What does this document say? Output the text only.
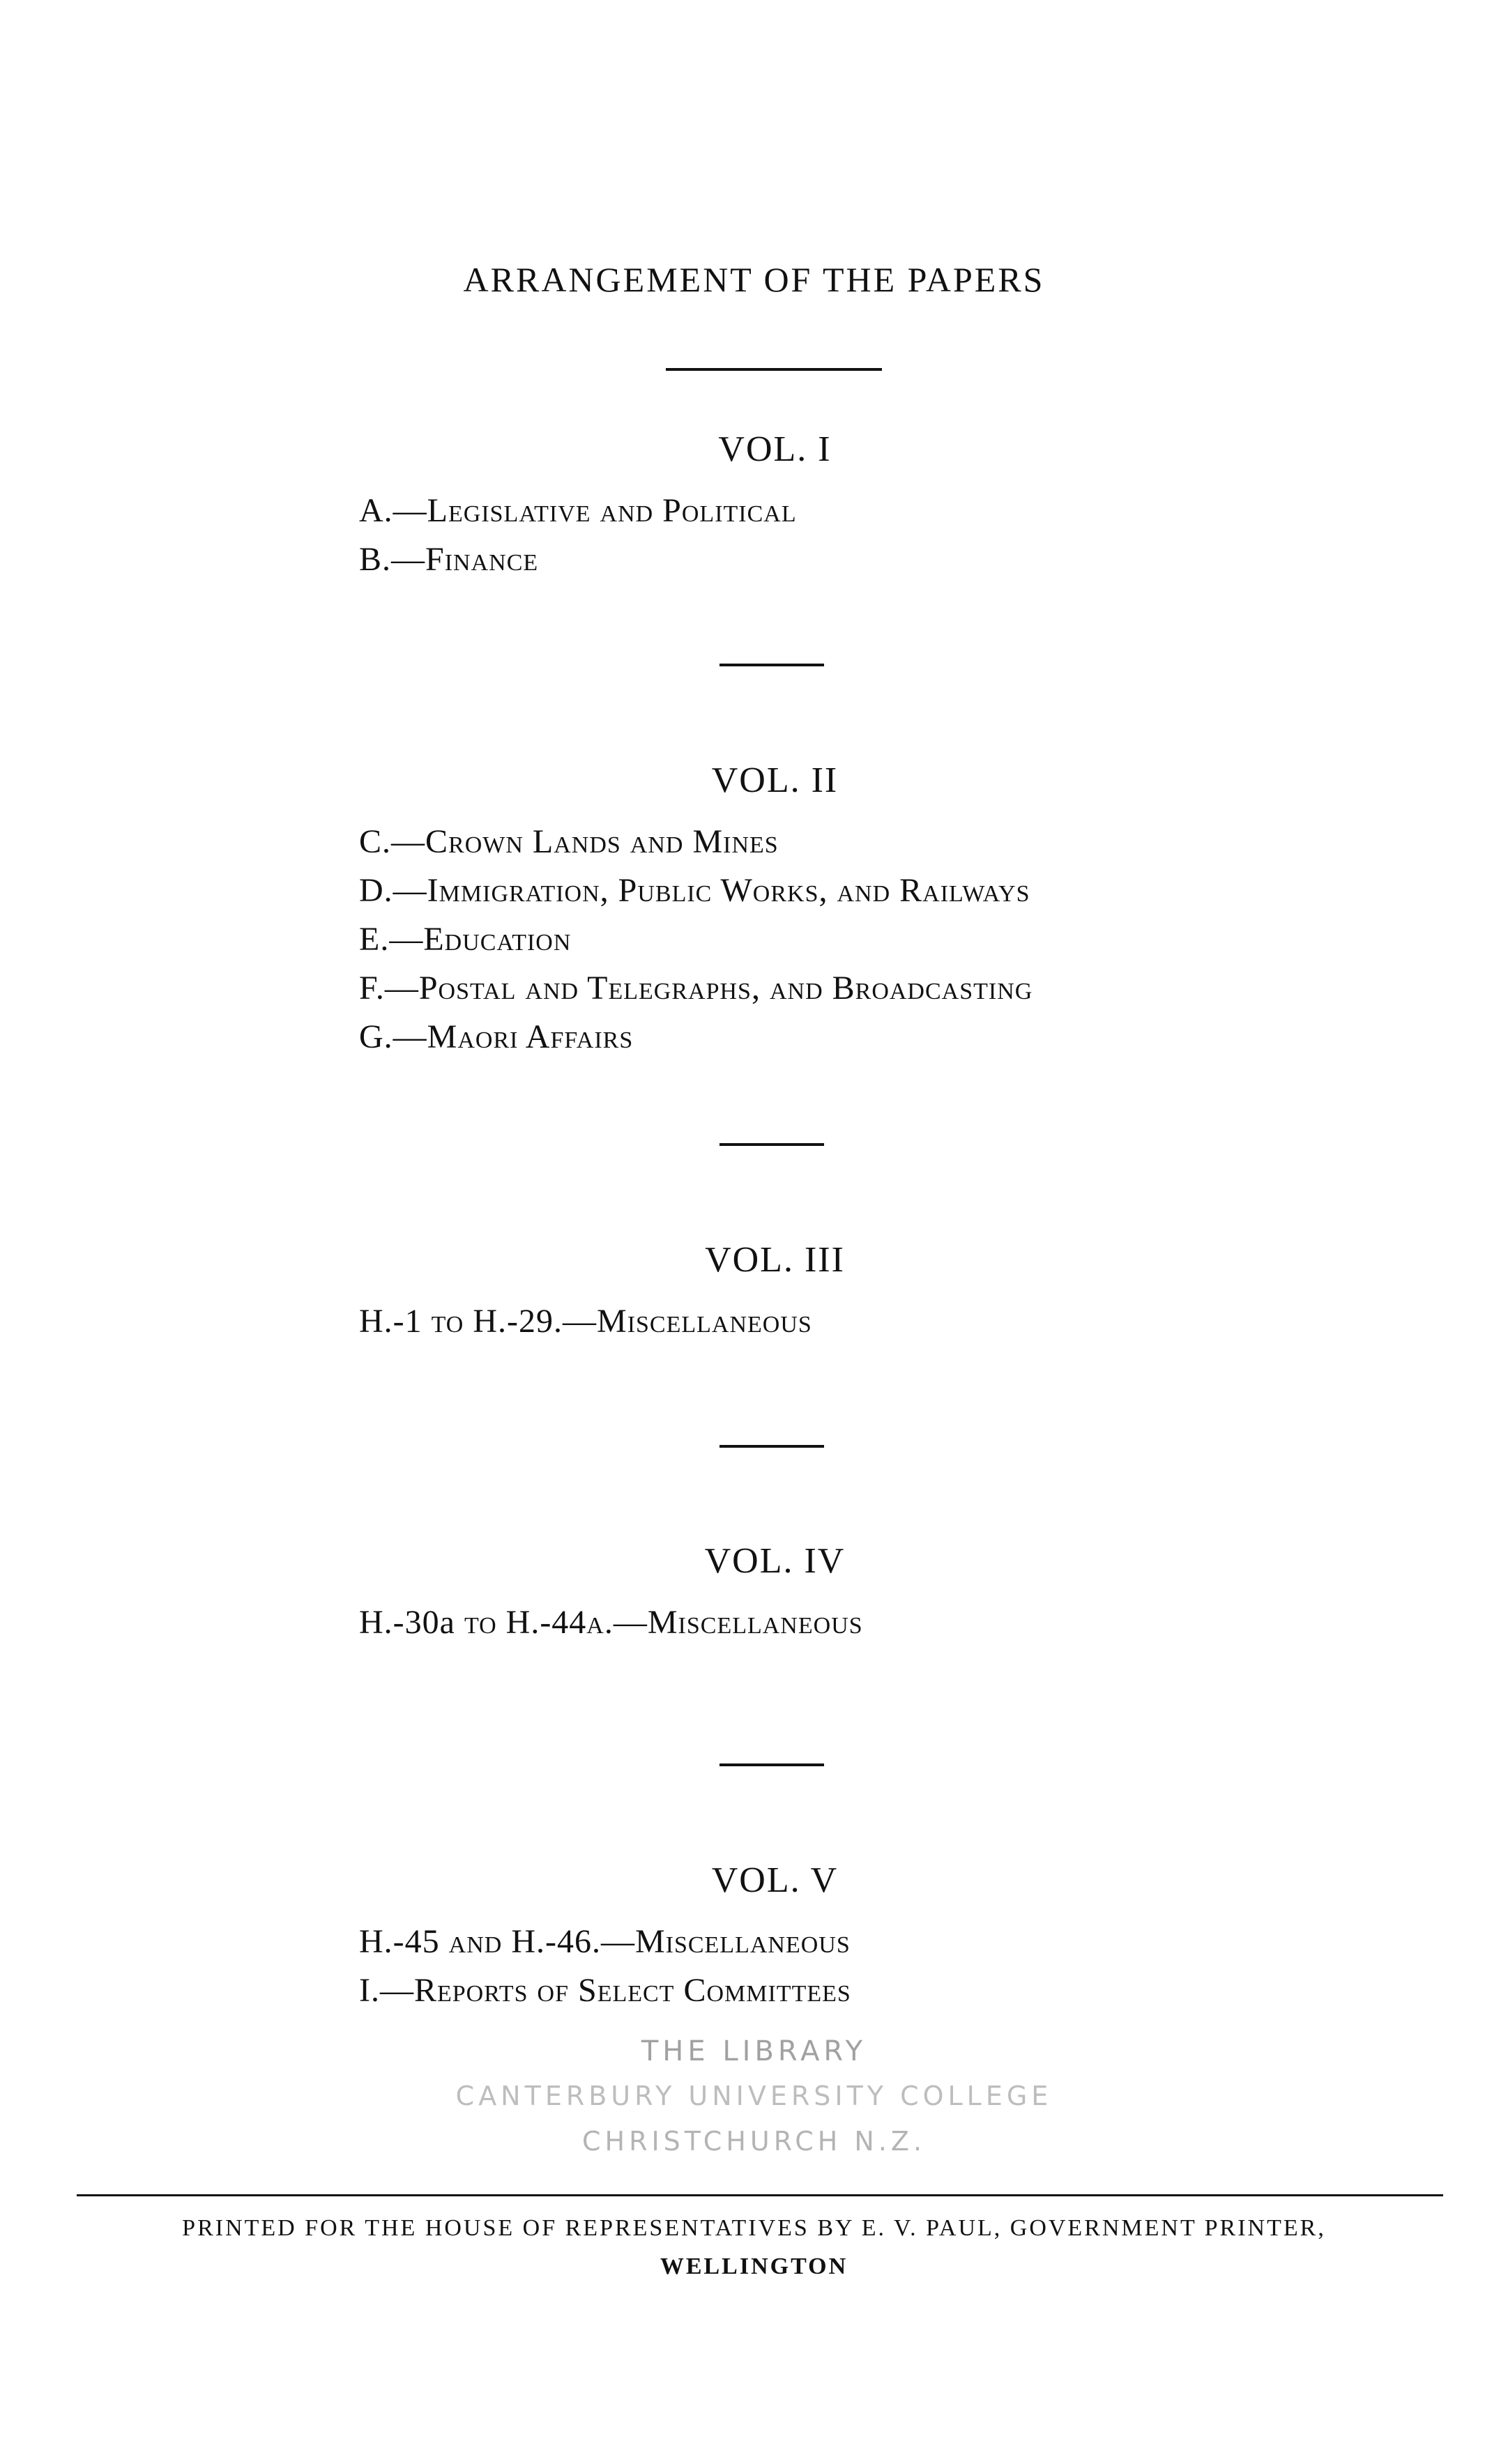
ARRANGEMENT OF THE PAPERS
VOL. I
A.—Legislative and Political
B.—Finance
VOL. II
C.—Crown Lands and Mines
D.—Immigration, Public Works, and Railways
E.—Education
F.—Postal and Telegraphs, and Broadcasting
G.—Maori Affairs
VOL. III
H.-1 to H.-29.—Miscellaneous
VOL. IV
H.-30a to H.-44a.—Miscellaneous
VOL. V
H.-45 and H.-46.—Miscellaneous
I.—Reports of Select Committees
THE LIBRARY
CANTERBURY UNIVERSITY COLLEGE
CHRISTCHURCH N.Z.
PRINTED FOR THE HOUSE OF REPRESENTATIVES BY E. V. PAUL, GOVERNMENT PRINTER,
WELLINGTON
